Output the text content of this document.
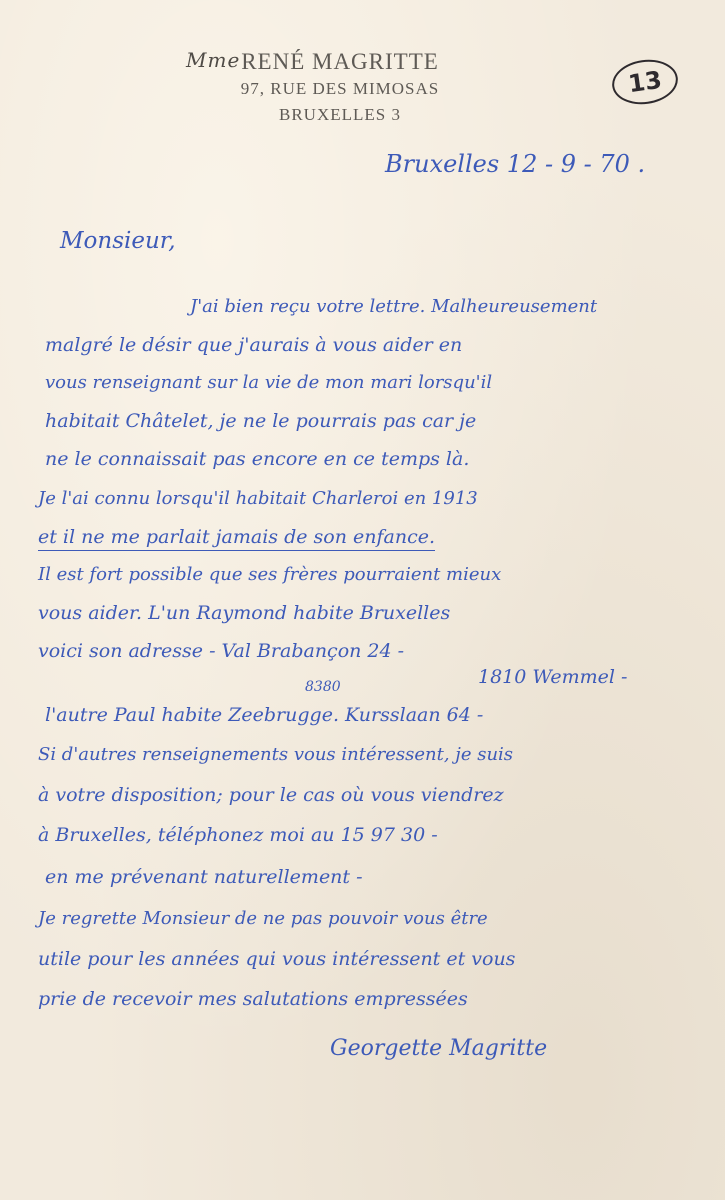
Mme RENÉ MAGRITTE
97, RUE DES MIMOSAS
BRUXELLES 3
13
Bruxelles 12 - 9 - 70 .
Monsieur,
J'ai bien reçu votre lettre. Malheureusement
malgré le désir que j'aurais à vous aider en
vous renseignant sur la vie de mon mari lorsqu'il
habitait Châtelet, je ne le pourrais pas car je
ne le connaissait pas encore en ce temps là.
Je l'ai connu lorsqu'il habitait Charleroi en 1913
et il ne me parlait jamais de son enfance.
Il est fort possible que ses frères pourraient mieux
vous aider. L'un Raymond habite Bruxelles
voici son adresse - Val Brabançon 24 -
1810 Wemmel -
$^{8380}$
l'autre Paul habite Zeebrugge. Kursslaan 64 -
Si d'autres renseignements vous intéressent, je suis
à votre disposition; pour le cas où vous viendrez
à Bruxelles, téléphonez moi au 15 97 30 -
en me prévenant naturellement -
Je regrette Monsieur de ne pas pouvoir vous être
utile pour les années qui vous intéressent et vous
prie de recevoir mes salutations empressées
Georgette Magritte
